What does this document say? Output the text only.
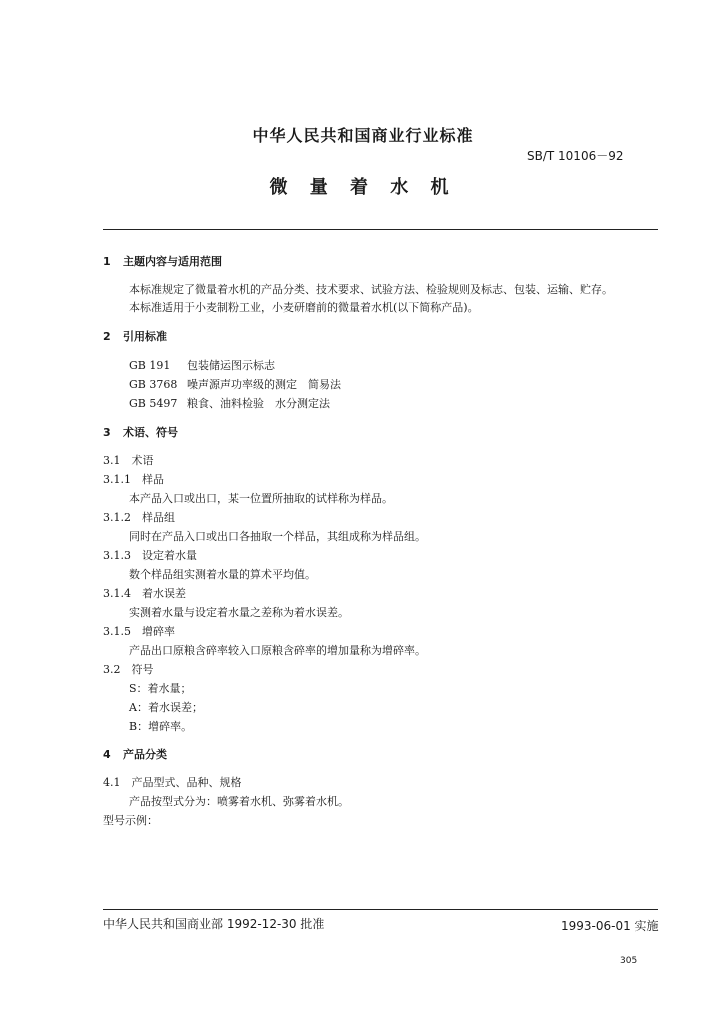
中华人民共和国商业行业标准
SB/T 10106－92
微 量 着 水 机
1 主题内容与适用范围
本标准规定了微量着水机的产品分类、技术要求、试验方法、检验规则及标志、包装、运输、贮存。
本标准适用于小麦制粉工业，小麦研磨前的微量着水机(以下简称产品)。
2 引用标准
GB 191 包装储运图示标志
GB 3768 噪声源声功率级的测定　简易法
GB 5497 粮食、油料检验　水分测定法
3 术语、符号
3.1　术语
3.1.1　样品
本产品入口或出口，某一位置所抽取的试样称为样品。
3.1.2　样品组
同时在产品入口或出口各抽取一个样品，其组成称为样品组。
3.1.3　设定着水量
数个样品组实测着水量的算术平均值。
3.1.4　着水误差
实测着水量与设定着水量之差称为着水误差。
3.1.5　增碎率
产品出口原粮含碎率较入口原粮含碎率的增加量称为增碎率。
3.2　符号
S：着水量；
A：着水误差；
B：增碎率。
4 产品分类
4.1　产品型式、品种、规格
产品按型式分为：喷雾着水机、弥雾着水机。
型号示例：
中华人民共和国商业部 1992-12-30 批准	1993-06-01 实施
305
